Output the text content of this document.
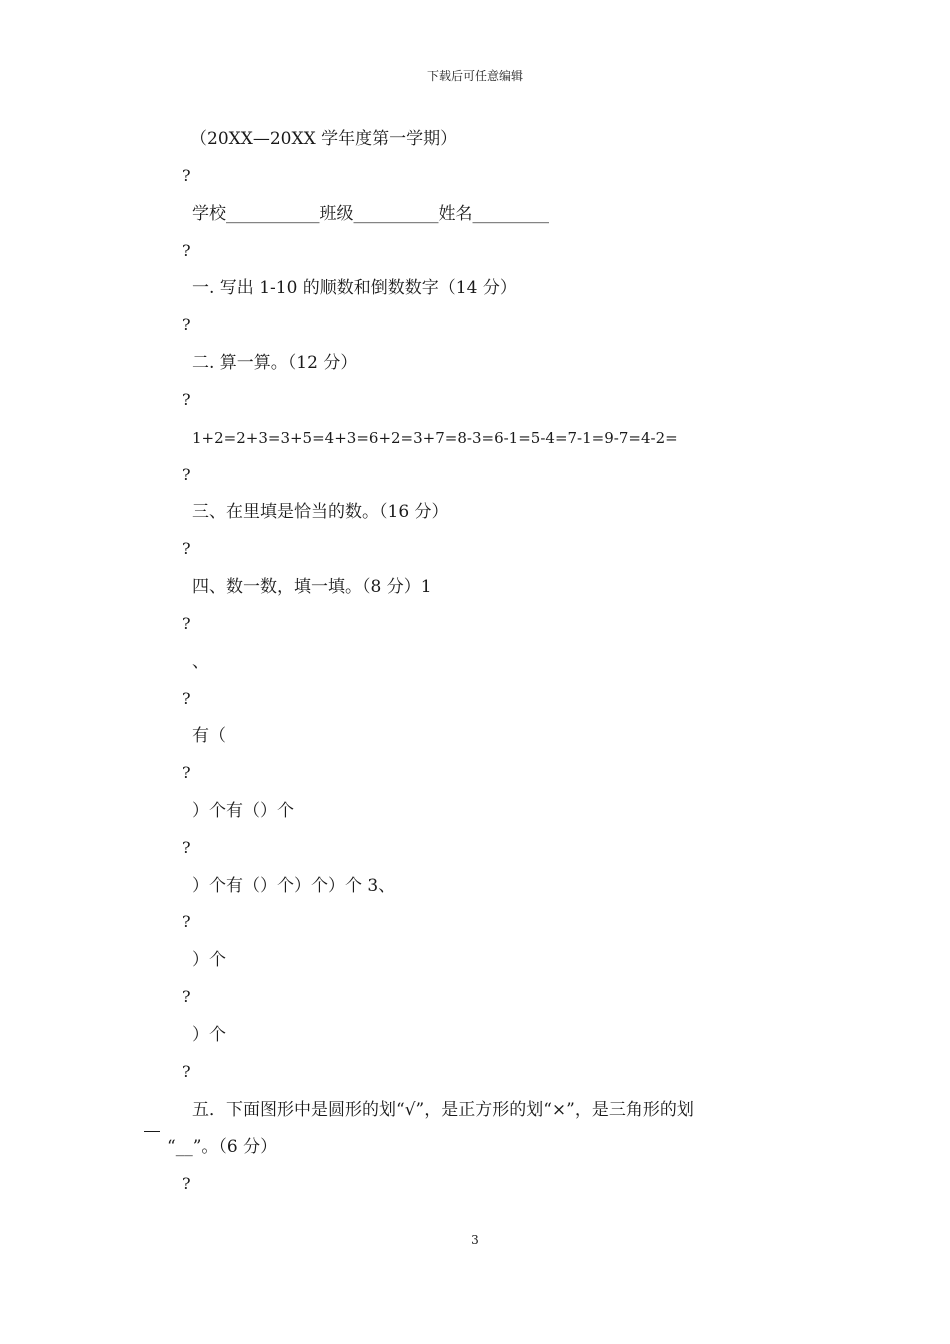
下载后可任意编辑
（20XX—20XX 学年度第一学期）
?
学校___________班级__________姓名_________
?
一. 写出 1-10 的顺数和倒数数字（14 分）
?
二. 算一算。（12 分）
?
1+2=2+3=3+5=4+3=6+2=3+7=8-3=6-1=5-4=7-1=9-7=4-2=
?
三、在里填是恰当的数。（16 分）
?
四、数一数，填一填。（8 分）1
?
、
?
有（
?
）个有（）个
?
）个有（）个）个）个 3、
?
）个
?
）个
?
五．下面图形中是圆形的划“√”，是正方形的划“×”，是三角形的划
“__”。（6 分）
?
3
